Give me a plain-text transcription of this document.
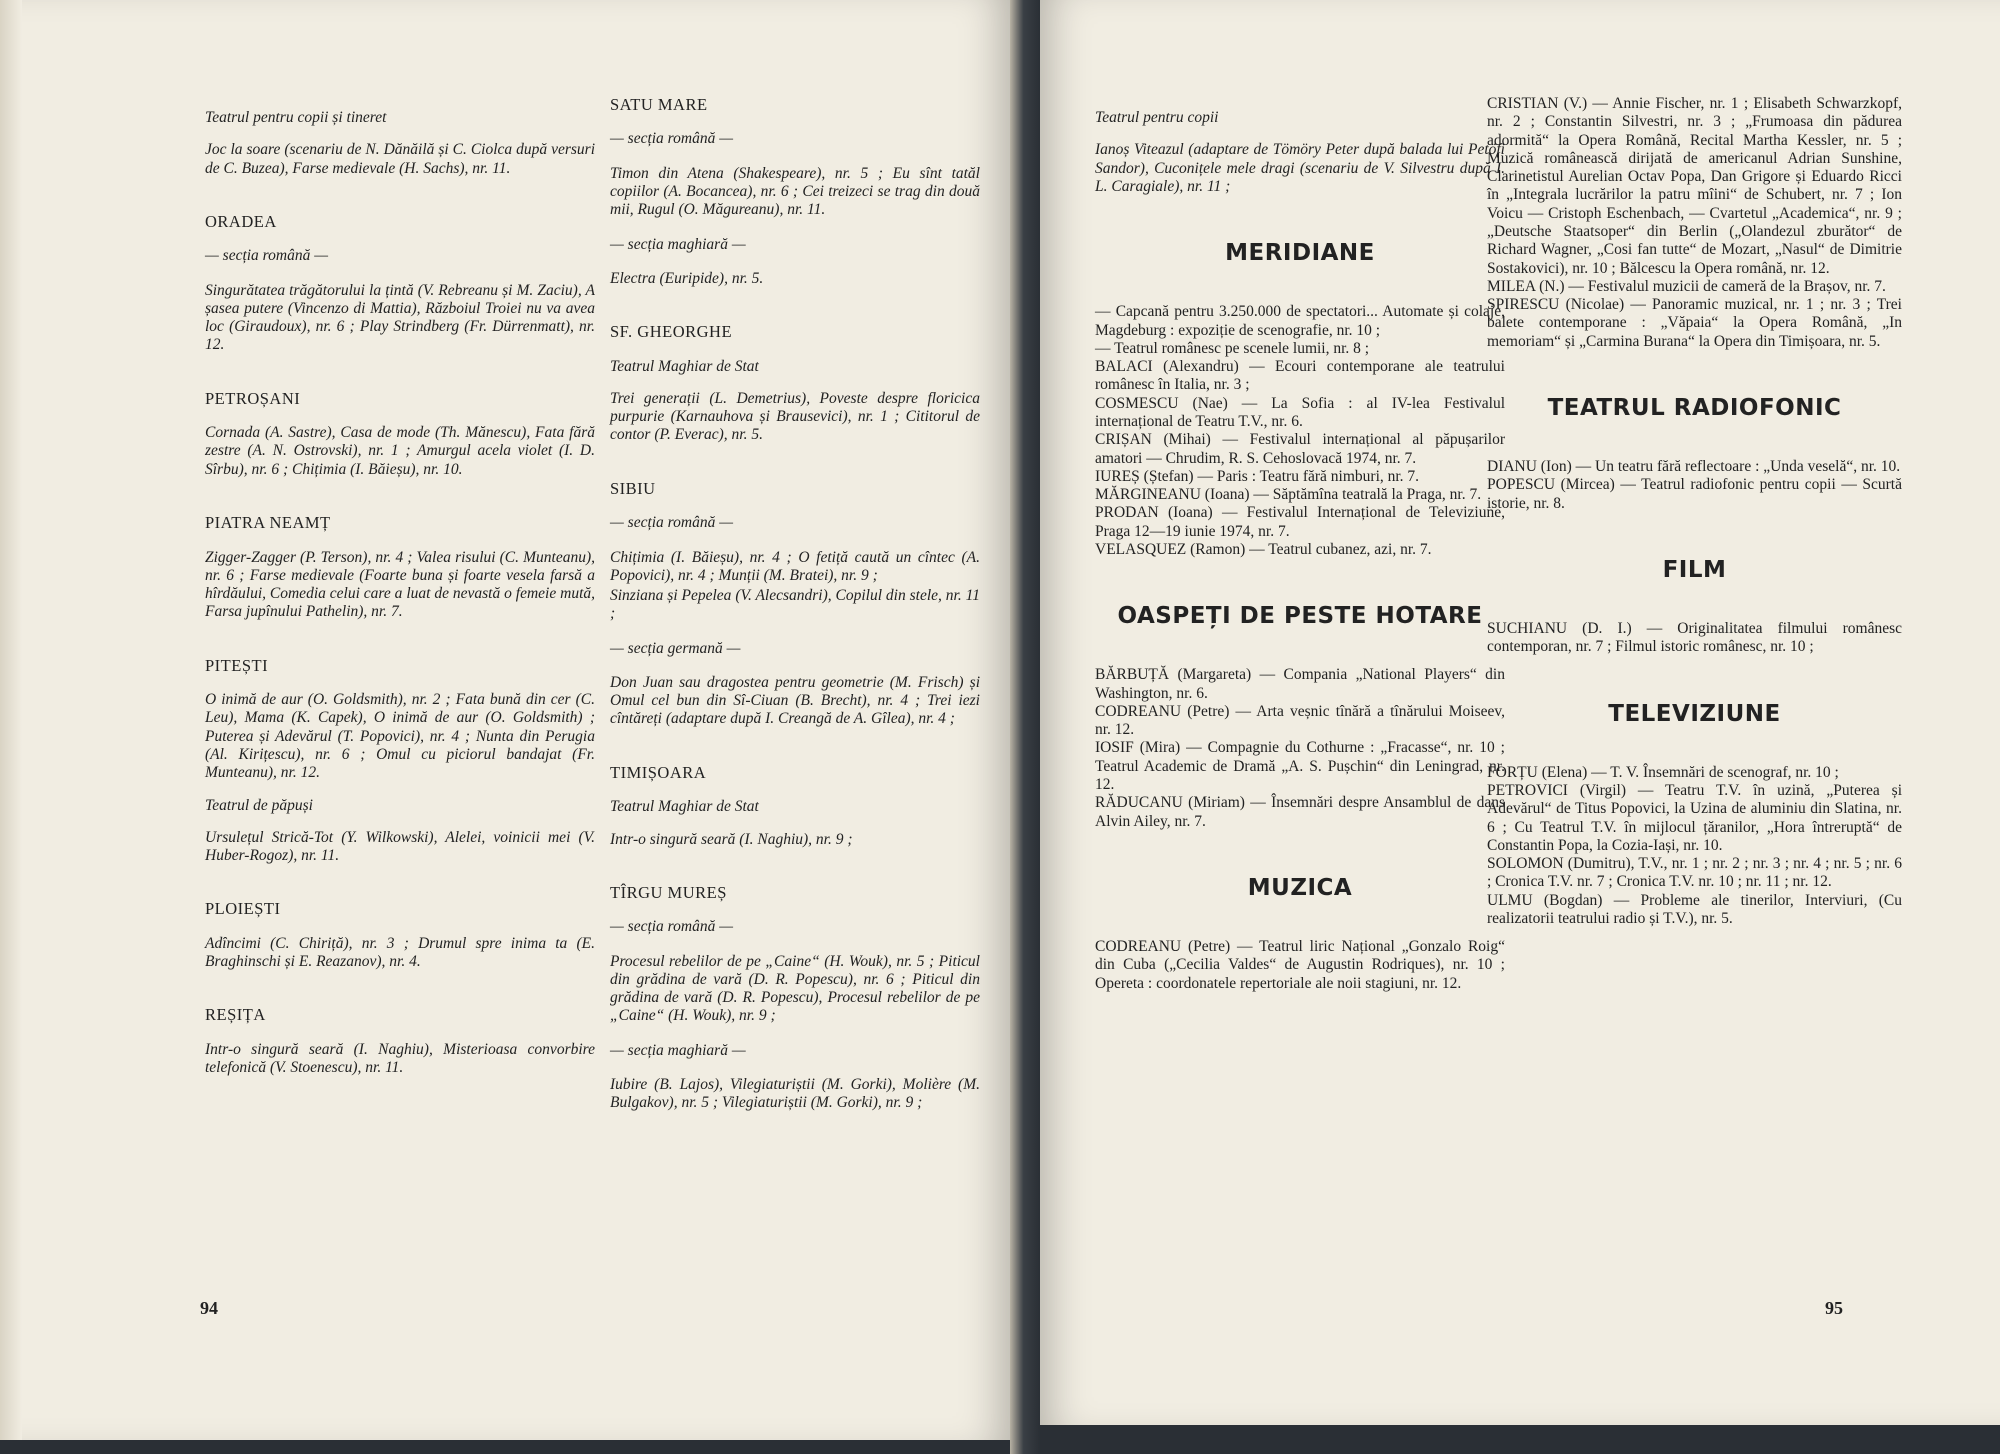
Teatrul pentru copii și tineret

Joc la soare (scenariu de N. Dănăilă și C. Ciolca după versuri de C. Buzea), Farse medievale (H. Sachs), nr. 11.

ORADEA

— secția română —

Singurătatea trăgătorului la țintă (V. Rebreanu și M. Zaciu), A șasea putere (Vincenzo di Mattia), Războiul Troiei nu va avea loc (Giraudoux), nr. 6 ; Play Strindberg (Fr. Dürrenmatt), nr. 12.

PETROȘANI

Cornada (A. Sastre), Casa de mode (Th. Mănescu), Fata fără zestre (A. N. Ostrovski), nr. 1 ; Amurgul acela violet (I. D. Sîrbu), nr. 6 ; Chițimia (I. Băieșu), nr. 10.

PIATRA NEAMȚ

Zigger-Zagger (P. Terson), nr. 4 ; Valea risului (C. Munteanu), nr. 6 ; Farse medievale (Foarte buna și foarte vesela farsă a hîrdăului, Comedia celui care a luat de nevastă o femeie mută, Farsa jupînului Pathelin), nr. 7.

PITEȘTI

O inimă de aur (O. Goldsmith), nr. 2 ; Fata bună din cer (C. Leu), Mama (K. Capek), O inimă de aur (O. Goldsmith) ; Puterea și Adevărul (T. Popovici), nr. 4 ; Nunta din Perugia (Al. Kirițescu), nr. 6 ; Omul cu piciorul bandajat (Fr. Munteanu), nr. 12.

Teatrul de păpuși

Ursulețul Strică-Tot (Y. Wilkowski), Alelei, voinicii mei (V. Huber-Rogoz), nr. 11.

PLOIEȘTI

Adîncimi (C. Chiriță), nr. 3 ; Drumul spre inima ta (E. Braghinschi și E. Reazanov), nr. 4.

REȘIȚA

Intr-o singură seară (I. Naghiu), Misterioasa convorbire telefonică (V. Stoenescu), nr. 11.

SATU MARE

— secția română —

Timon din Atena (Shakespeare), nr. 5 ; Eu sînt tatăl copiilor (A. Bocancea), nr. 6 ; Cei treizeci se trag din două mii, Rugul (O. Măgureanu), nr. 11.

— secția maghiară —

Electra (Euripide), nr. 5.

SF. GHEORGHE

Teatrul Maghiar de Stat

Trei generații (L. Demetrius), Poveste despre floricica purpurie (Karnauhova și Brausevici), nr. 1 ; Cititorul de contor (P. Everac), nr. 5.

SIBIU

— secția română —

Chițimia (I. Băieșu), nr. 4 ; O fetiță caută un cîntec (A. Popovici), nr. 4 ; Munții (M. Bratei), nr. 9 ;

Sinziana și Pepelea (V. Alecsandri), Copilul din stele, nr. 11 ;

— secția germană —

Don Juan sau dragostea pentru geometrie (M. Frisch) și Omul cel bun din Sî-Ciuan (B. Brecht), nr. 4 ; Trei iezi cîntăreți (adaptare după I. Creangă de A. Gîlea), nr. 4 ;

TIMIȘOARA

Teatrul Maghiar de Stat

Intr-o singură seară (I. Naghiu), nr. 9 ;

TÎRGU MUREȘ

— secția română —

Procesul rebelilor de pe „Caine“ (H. Wouk), nr. 5 ; Piticul din grădina de vară (D. R. Popescu), nr. 6 ; Piticul din grădina de vară (D. R. Popescu), Procesul rebelilor de pe „Caine“ (H. Wouk), nr. 9 ;

— secția maghiară —

Iubire (B. Lajos), Vilegiaturiștii (M. Gorki), Molière (M. Bulgakov), nr. 5 ; Vilegiaturiștii (M. Gorki), nr. 9 ;

94

Teatrul pentru copii

Ianoș Viteazul (adaptare de Tömöry Peter după balada lui Petöfi Sandor), Cuconițele mele dragi (scenariu de V. Silvestru după I. L. Caragiale), nr. 11 ;

MERIDIANE

— Capcană pentru 3.250.000 de spectatori... Automate și colaje, Magdeburg : expoziție de scenografie, nr. 10 ;

— Teatrul românesc pe scenele lumii, nr. 8 ;

BALACI (Alexandru) — Ecouri contemporane ale teatrului românesc în Italia, nr. 3 ;

COSMESCU (Nae) — La Sofia : al IV-lea Festivalul internațional de Teatru T.V., nr. 6.

CRIȘAN (Mihai) — Festivalul internațional al păpușarilor amatori — Chrudim, R. S. Cehoslovacă 1974, nr. 7.

IUREȘ (Ștefan) — Paris : Teatru fără nimburi, nr. 7.

MĂRGINEANU (Ioana) — Săptămîna teatrală la Praga, nr. 7.

PRODAN (Ioana) — Festivalul Internațional de Televiziune, Praga 12—19 iunie 1974, nr. 7.

VELASQUEZ (Ramon) — Teatrul cubanez, azi, nr. 7.

OASPEȚI DE PESTE HOTARE

BĂRBUȚĂ (Margareta) — Compania „National Players“ din Washington, nr. 6.

CODREANU (Petre) — Arta veșnic tînără a tînărului Moiseev, nr. 12.

IOSIF (Mira) — Compagnie du Cothurne : „Fracasse“, nr. 10 ; Teatrul Academic de Dramă „A. S. Pușchin“ din Leningrad, nr. 12.

RĂDUCANU (Miriam) — Însemnări despre Ansamblul de dans Alvin Ailey, nr. 7.

MUZICA

CODREANU (Petre) — Teatrul liric Național „Gonzalo Roig“ din Cuba („Cecilia Valdes“ de Augustin Rodriques), nr. 10 ; Opereta : coordonatele repertoriale ale noii stagiuni, nr. 12.

CRISTIAN (V.) — Annie Fischer, nr. 1 ; Elisabeth Schwarzkopf, nr. 2 ; Constantin Silvestri, nr. 3 ; „Frumoasa din pădurea adormită“ la Opera Română, Recital Martha Kessler, nr. 5 ; Muzică românească dirijată de americanul Adrian Sunshine, Clarinetistul Aurelian Octav Popa, Dan Grigore și Eduardo Ricci în „Integrala lucrărilor la patru mîini“ de Schubert, nr. 7 ; Ion Voicu — Cristoph Eschenbach, — Cvartetul „Academica“, nr. 9 ; „Deutsche Staatsoper“ din Berlin („Olandezul zburător“ de Richard Wagner, „Cosi fan tutte“ de Mozart, „Nasul“ de Dimitrie Sostakovici), nr. 10 ; Bălcescu la Opera română, nr. 12.

MILEA (N.) — Festivalul muzicii de cameră de la Brașov, nr. 7.

SPIRESCU (Nicolae) — Panoramic muzical, nr. 1 ; nr. 3 ; Trei balete contemporane : „Văpaia“ la Opera Română, „In memoriam“ și „Carmina Burana“ la Opera din Timișoara, nr. 5.

TEATRUL RADIOFONIC

DIANU (Ion) — Un teatru fără reflectoare : „Unda veselă“, nr. 10.

POPESCU (Mircea) — Teatrul radiofonic pentru copii — Scurtă istorie, nr. 8.

FILM

SUCHIANU (D. I.) — Originalitatea filmului românesc contemporan, nr. 7 ; Filmul istoric românesc, nr. 10 ;

TELEVIZIUNE

FORȚU (Elena) — T. V. Însemnări de scenograf, nr. 10 ;

PETROVICI (Virgil) — Teatru T.V. în uzină, „Puterea și Adevărul“ de Titus Popovici, la Uzina de aluminiu din Slatina, nr. 6 ; Cu Teatrul T.V. în mijlocul țăranilor, „Hora întreruptă“ de Constantin Popa, la Cozia-Iași, nr. 10.

SOLOMON (Dumitru), T.V., nr. 1 ; nr. 2 ; nr. 3 ; nr. 4 ; nr. 5 ; nr. 6 ; Cronica T.V. nr. 7 ; Cronica T.V. nr. 10 ; nr. 11 ; nr. 12.

ULMU (Bogdan) — Probleme ale tinerilor, Interviuri, (Cu realizatorii teatrului radio și T.V.), nr. 5.

95
